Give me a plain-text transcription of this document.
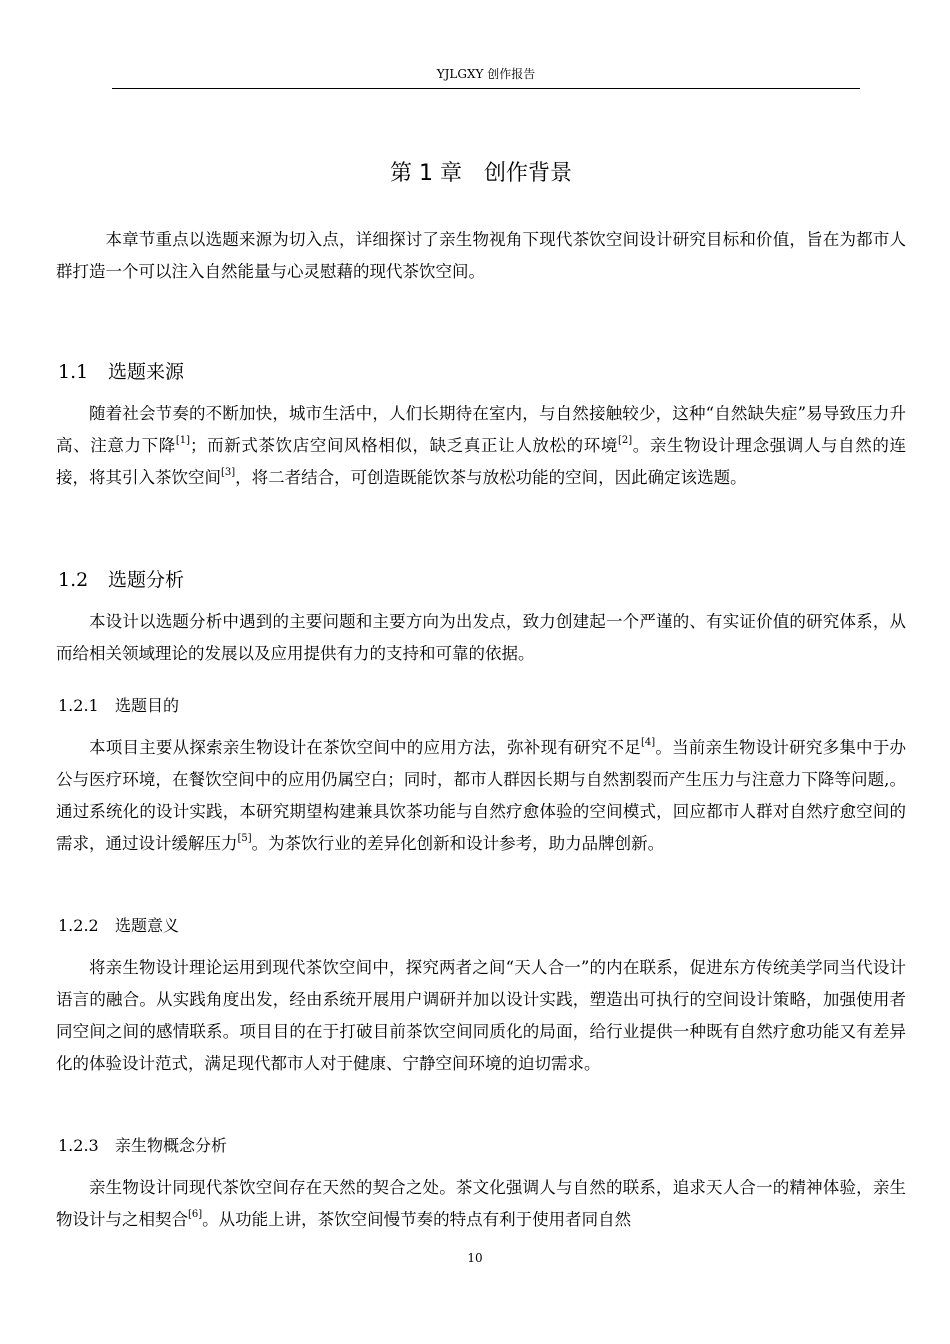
YJLGXY 创作报告
第 1 章 创作背景

本章节重点以选题来源为切入点，详细探讨了亲生物视角下现代茶饮空间设计研究目标和价值，旨在为都市人群打造一个可以注入自然能量与心灵慰藉的现代茶饮空间。

1.1 选题来源

随着社会节奏的不断加快，城市生活中，人们长期待在室内，与自然接触较少，这种“自然缺失症”易导致压力升高、注意力下降[1]；而新式茶饮店空间风格相似，缺乏真正让人放松的环境[2]。亲生物设计理念强调人与自然的连接，将其引入茶饮空间[3]，将二者结合，可创造既能饮茶与放松功能的空间，因此确定该选题。

1.2 选题分析

本设计以选题分析中遇到的主要问题和主要方向为出发点，致力创建起一个严谨的、有实证价值的研究体系，从而给相关领域理论的发展以及应用提供有力的支持和可靠的依据。

1.2.1 选题目的

本项目主要从探索亲生物设计在茶饮空间中的应用方法，弥补现有研究不足[4]。当前亲生物设计研究多集中于办公与医疗环境，在餐饮空间中的应用仍属空白；同时，都市人群因长期与自然割裂而产生压力与注意力下降等问题,。通过系统化的设计实践，本研究期望构建兼具饮茶功能与自然疗愈体验的空间模式，回应都市人群对自然疗愈空间的需求，通过设计缓解压力[5]。为茶饮行业的差异化创新和设计参考，助力品牌创新。

1.2.2 选题意义

将亲生物设计理论运用到现代茶饮空间中，探究两者之间“天人合一”的内在联系，促进东方传统美学同当代设计语言的融合。从实践角度出发，经由系统开展用户调研并加以设计实践，塑造出可执行的空间设计策略，加强使用者同空间之间的感情联系。项目目的在于打破目前茶饮空间同质化的局面，给行业提供一种既有自然疗愈功能又有差异化的体验设计范式，满足现代都市人对于健康、宁静空间环境的迫切需求。

1.2.3 亲生物概念分析

亲生物设计同现代茶饮空间存在天然的契合之处。茶文化强调人与自然的联系，追求天人合一的精神体验，亲生物设计与之相契合[6]。从功能上讲，茶饮空间慢节奏的特点有利于使用者同自然

10
